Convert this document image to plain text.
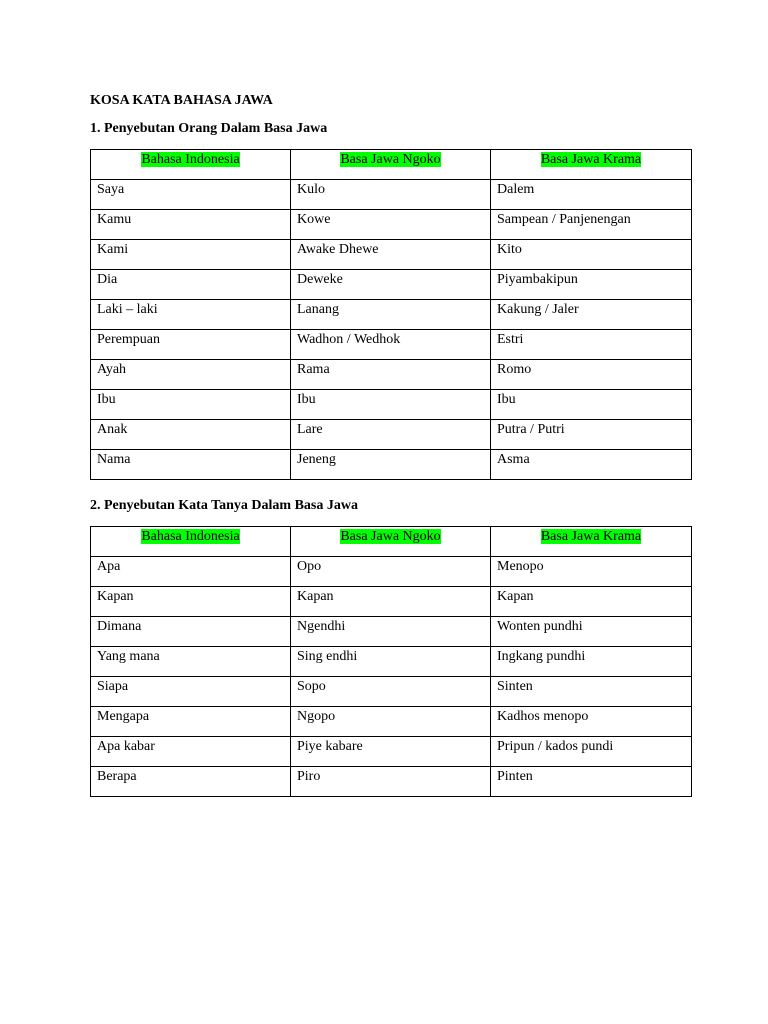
KOSA KATA BAHASA JAWA
1. Penyebutan Orang Dalam Basa Jawa
Bahasa Indonesia	Basa Jawa Ngoko	Basa Jawa Krama
Saya	Kulo	Dalem
Kamu	Kowe	Sampean / Panjenengan
Kami	Awake Dhewe	Kito
Dia	Deweke	Piyambakipun
Laki – laki	Lanang	Kakung / Jaler
Perempuan	Wadhon / Wedhok	Estri
Ayah	Rama	Romo
Ibu	Ibu	Ibu
Anak	Lare	Putra / Putri
Nama	Jeneng	Asma
2. Penyebutan Kata Tanya Dalam Basa Jawa
Bahasa Indonesia	Basa Jawa Ngoko	Basa Jawa Krama
Apa	Opo	Menopo
Kapan	Kapan	Kapan
Dimana	Ngendhi	Wonten pundhi
Yang mana	Sing endhi	Ingkang pundhi
Siapa	Sopo	Sinten
Mengapa	Ngopo	Kadhos menopo
Apa kabar	Piye kabare	Pripun / kados pundi
Berapa	Piro	Pinten
